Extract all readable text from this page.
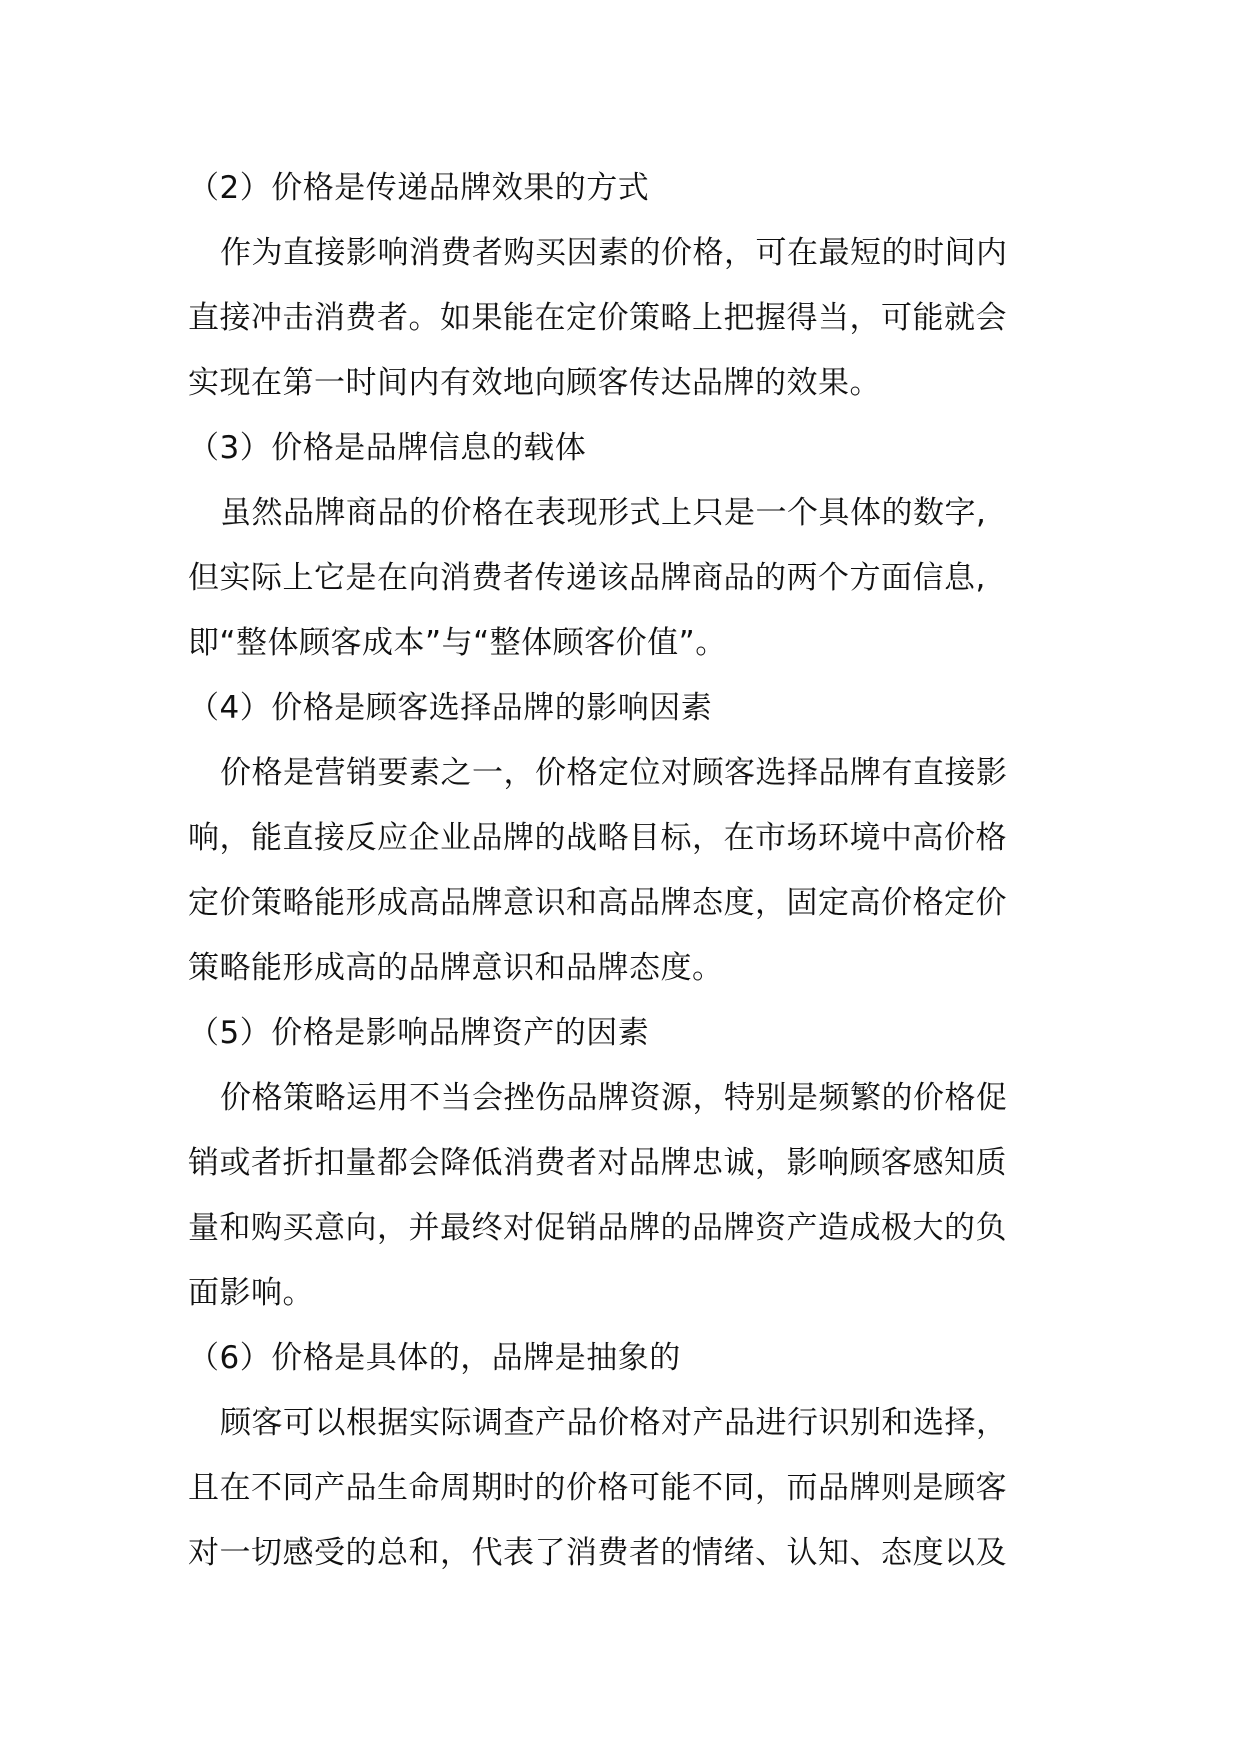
（2）价格是传递品牌效果的方式
作为直接影响消费者购买因素的价格，可在最短的时间内
直接冲击消费者。如果能在定价策略上把握得当，可能就会
实现在第一时间内有效地向顾客传达品牌的效果。
（3）价格是品牌信息的载体
虽然品牌商品的价格在表现形式上只是一个具体的数字,
但实际上它是在向消费者传递该品牌商品的两个方面信息,
即“整体顾客成本”与“整体顾客价值”。
（4）价格是顾客选择品牌的影响因素
价格是营销要素之一，价格定位对顾客选择品牌有直接影
响，能直接反应企业品牌的战略目标，在市场环境中高价格
定价策略能形成高品牌意识和高品牌态度，固定高价格定价
策略能形成高的品牌意识和品牌态度。
（5）价格是影响品牌资产的因素
价格策略运用不当会挫伤品牌资源，特别是频繁的价格促
销或者折扣量都会降低消费者对品牌忠诚，影响顾客感知质
量和购买意向，并最终对促销品牌的品牌资产造成极大的负
面影响。
（6）价格是具体的，品牌是抽象的
顾客可以根据实际调查产品价格对产品进行识别和选择，
且在不同产品生命周期时的价格可能不同，而品牌则是顾客
对一切感受的总和，代表了消费者的情绪、认知、态度以及
